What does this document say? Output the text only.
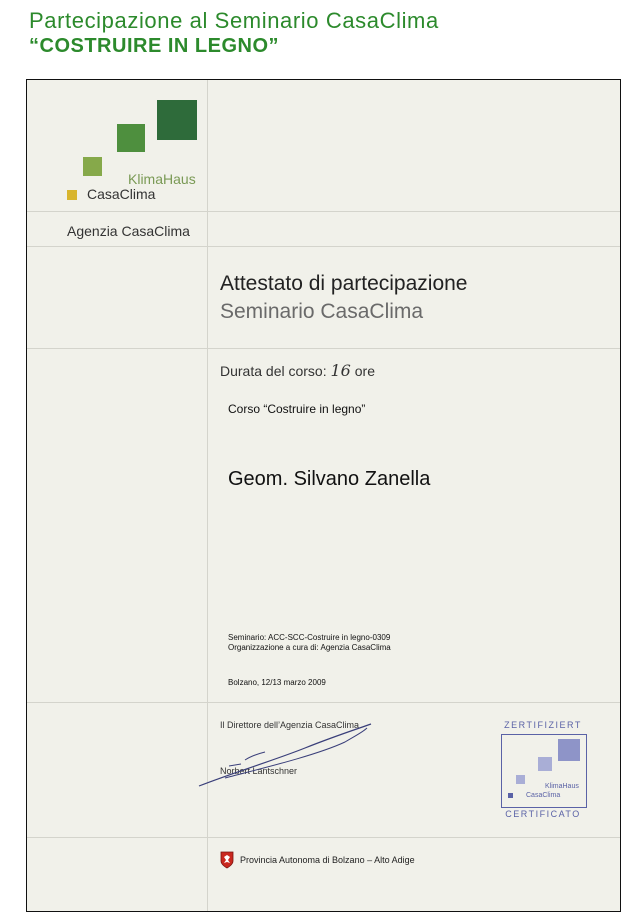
Partecipazione al Seminario CasaClima
“COSTRUIRE IN LEGNO”
KlimaHaus
CasaClima
Agenzia CasaClima
Attestato di partecipazione
Seminario CasaClima
Durata del corso: 16 ore
Corso “Costruire in legno”
Geom. Silvano Zanella
Seminario: ACC-SCC-Costruire in legno-0309
Organizzazione a cura di: Agenzia CasaClima
Bolzano, 12/13 marzo 2009
Il Direttore dell’Agenzia CasaClima
Norbert Lantschner
ZERTIFIZIERT
KlimaHaus
CasaClima
CERTIFICATO
Provincia Autonoma di Bolzano – Alto Adige
